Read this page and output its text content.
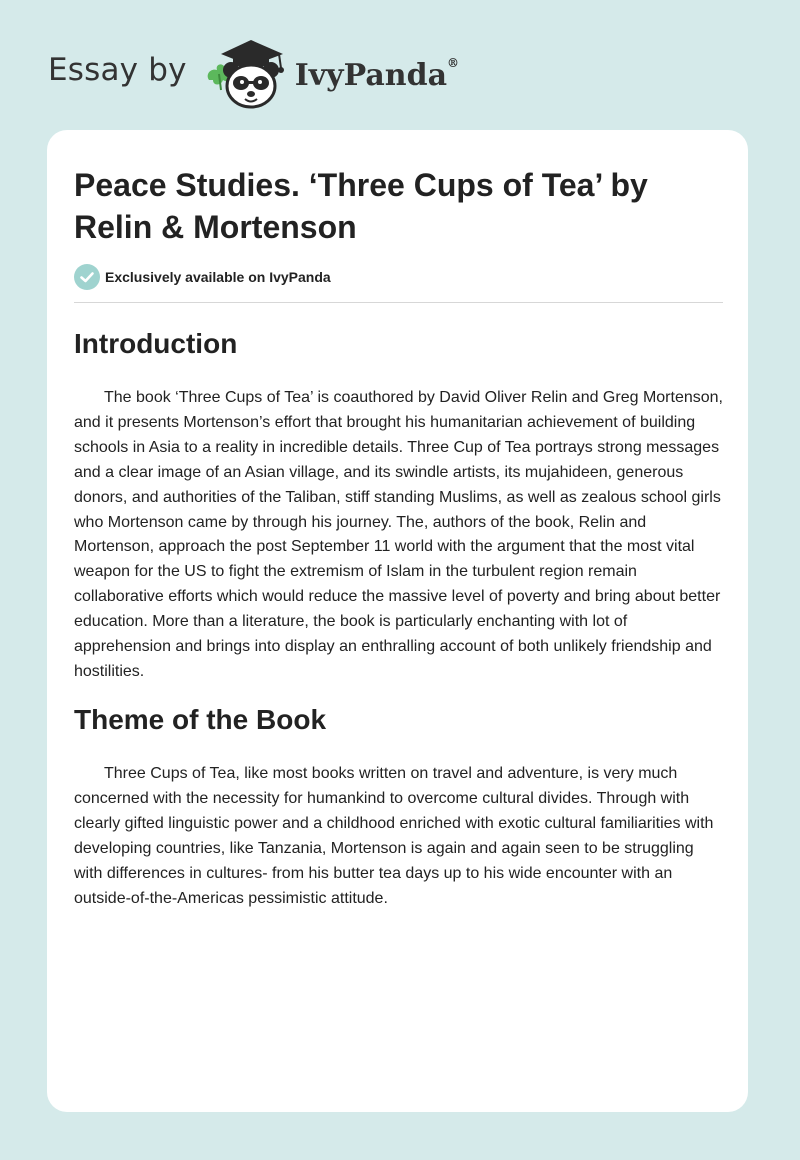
Essay by	IvyPanda®
Peace Studies. ‘Three Cups of Tea’ by Relin & Mortenson
Exclusively available on IvyPanda
Introduction

The book ‘Three Cups of Tea’ is coauthored by David Oliver Relin and Greg Mortenson, and it presents Mortenson’s effort that brought his humanitarian achievement of building schools in Asia to a reality in incredible details. Three Cup of Tea portrays strong messages and a clear image of an Asian village, and its swindle artists, its mujahideen, generous donors, and authorities of the Taliban, stiff standing Muslims, as well as zealous school girls who Mortenson came by through his journey. The, authors of the book, Relin and Mortenson, approach the post September 11 world with the argument that the most vital weapon for the US to fight the extremism of Islam in the turbulent region remain collaborative efforts which would reduce the massive level of poverty and bring about better education. More than a literature, the book is particularly enchanting with lot of apprehension and brings into display an enthralling account of both unlikely friendship and hostilities.

Theme of the Book

Three Cups of Tea, like most books written on travel and adventure, is very much concerned with the necessity for humankind to overcome cultural divides. Through with clearly gifted linguistic power and a childhood enriched with exotic cultural familiarities with developing countries, like Tanzania, Mortenson is again and again seen to be struggling with differences in cultures- from his butter tea days up to his wide encounter with an outside-of-the-Americas pessimistic attitude.
